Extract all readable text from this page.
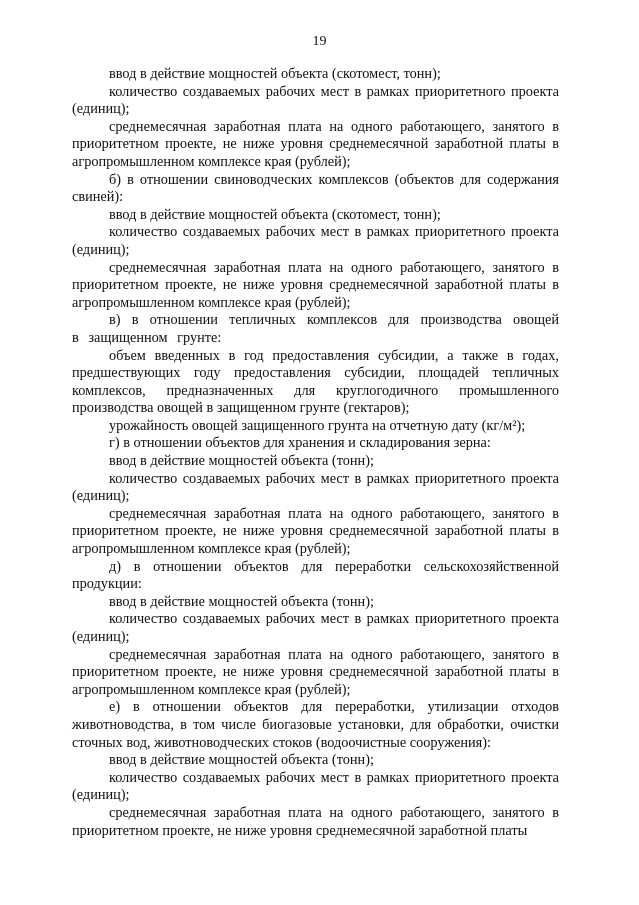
19

ввод в действие мощностей объекта (скотомест, тонн);

количество создаваемых рабочих мест в рамках приоритетного проекта (единиц);

среднемесячная заработная плата на одного работающего, занятого в приоритетном проекте, не ниже уровня среднемесячной заработной платы в агропромышленном комплексе края (рублей);

б) в отношении свиноводческих комплексов (объектов для содержания свиней):

ввод в действие мощностей объекта (скотомест, тонн);

количество создаваемых рабочих мест в рамках приоритетного проекта (единиц);

среднемесячная заработная плата на одного работающего, занятого в приоритетном проекте, не ниже уровня среднемесячной заработной платы в агропромышленном комплексе края (рублей);

в) в отношении тепличных комплексов для производства овощей в защищенном грунте:

объем введенных в год предоставления субсидии, а также в годах, предшествующих году предоставления субсидии, площадей тепличных комплексов, предназначенных для круглогодичного промышленного производства овощей в защищенном грунте (гектаров);

урожайность овощей защищенного грунта на отчетную дату (кг/м²);

г) в отношении объектов для хранения и складирования зерна:

ввод в действие мощностей объекта (тонн);

количество создаваемых рабочих мест в рамках приоритетного проекта (единиц);

среднемесячная заработная плата на одного работающего, занятого в приоритетном проекте, не ниже уровня среднемесячной заработной платы в агропромышленном комплексе края (рублей);

д) в отношении объектов для переработки сельскохозяйственной продукции:

ввод в действие мощностей объекта (тонн);

количество создаваемых рабочих мест в рамках приоритетного проекта (единиц);

среднемесячная заработная плата на одного работающего, занятого в приоритетном проекте, не ниже уровня среднемесячной заработной платы в агропромышленном комплексе края (рублей);

е) в отношении объектов для переработки, утилизации отходов животноводства, в том числе биогазовые установки, для обработки, очистки сточных вод, животноводческих стоков (водоочистные сооружения):

ввод в действие мощностей объекта (тонн);

количество создаваемых рабочих мест в рамках приоритетного проекта (единиц);

среднемесячная заработная плата на одного работающего, занятого в приоритетном проекте, не ниже уровня среднемесячной заработной платы
